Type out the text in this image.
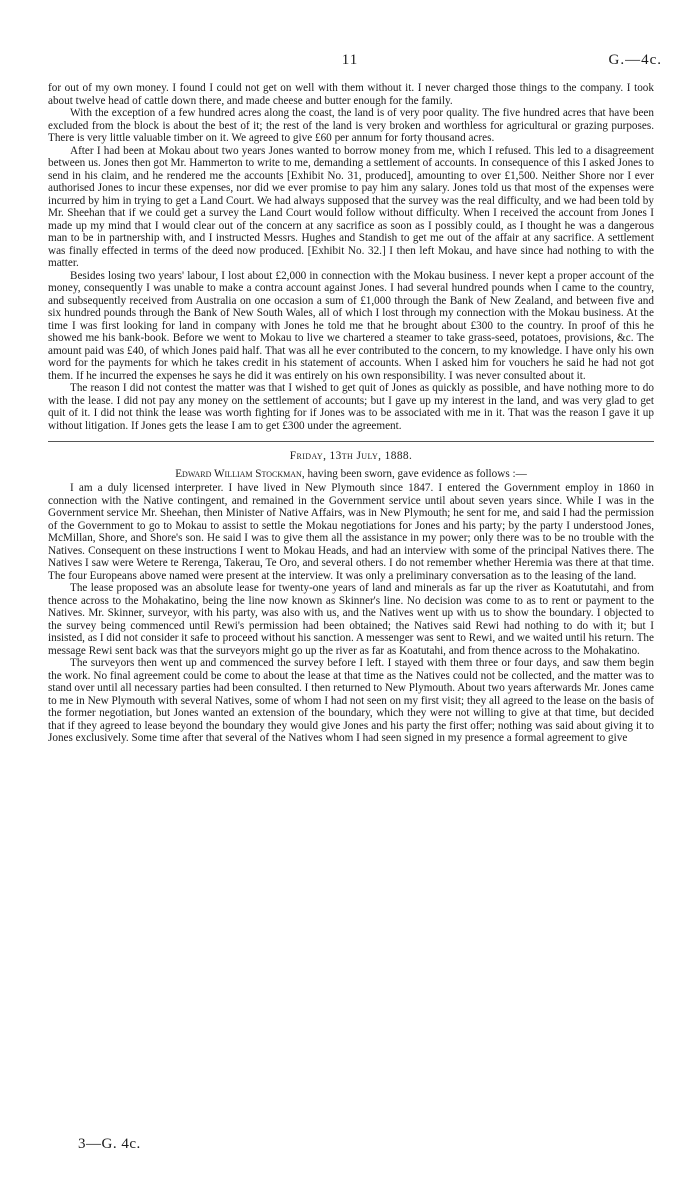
11	G.—4c.

for out of my own money. I found I could not get on well with them without it. I never charged those things to the company. I took about twelve head of cattle down there, and made cheese and butter enough for the family.

With the exception of a few hundred acres along the coast, the land is of very poor quality. The five hundred acres that have been excluded from the block is about the best of it; the rest of the land is very broken and worthless for agricultural or grazing purposes. There is very little valuable timber on it. We agreed to give £60 per annum for forty thousand acres.

After I had been at Mokau about two years Jones wanted to borrow money from me, which I refused. This led to a disagreement between us. Jones then got Mr. Hammerton to write to me, demanding a settlement of accounts. In consequence of this I asked Jones to send in his claim, and he rendered me the accounts [Exhibit No. 31, produced], amounting to over £1,500. Neither Shore nor I ever authorised Jones to incur these expenses, nor did we ever promise to pay him any salary. Jones told us that most of the expenses were incurred by him in trying to get a Land Court. We had always supposed that the survey was the real difficulty, and we had been told by Mr. Sheehan that if we could get a survey the Land Court would follow without difficulty. When I received the account from Jones I made up my mind that I would clear out of the concern at any sacrifice as soon as I possibly could, as I thought he was a dangerous man to be in partnership with, and I instructed Messrs. Hughes and Standish to get me out of the affair at any sacrifice. A settlement was finally effected in terms of the deed now produced. [Exhibit No. 32.] I then left Mokau, and have since had nothing to with the matter.

Besides losing two years' labour, I lost about £2,000 in connection with the Mokau business. I never kept a proper account of the money, consequently I was unable to make a contra account against Jones. I had several hundred pounds when I came to the country, and subsequently received from Australia on one occasion a sum of £1,000 through the Bank of New Zealand, and between five and six hundred pounds through the Bank of New South Wales, all of which I lost through my connection with the Mokau business. At the time I was first looking for land in company with Jones he told me that he brought about £300 to the country. In proof of this he showed me his bank-book. Before we went to Mokau to live we chartered a steamer to take grass-seed, potatoes, provisions, &c. The amount paid was £40, of which Jones paid half. That was all he ever contributed to the concern, to my knowledge. I have only his own word for the payments for which he takes credit in his statement of accounts. When I asked him for vouchers he said he had not got them. If he incurred the expenses he says he did it was entirely on his own responsibility. I was never consulted about it.

The reason I did not contest the matter was that I wished to get quit of Jones as quickly as possible, and have nothing more to do with the lease. I did not pay any money on the settlement of accounts; but I gave up my interest in the land, and was very glad to get quit of it. I did not think the lease was worth fighting for if Jones was to be associated with me in it. That was the reason I gave it up without litigation. If Jones gets the lease I am to get £300 under the agreement.

Friday, 13th July, 1888.

Edward William Stockman, having been sworn, gave evidence as follows :—

I am a duly licensed interpreter. I have lived in New Plymouth since 1847. I entered the Government employ in 1860 in connection with the Native contingent, and remained in the Government service until about seven years since. While I was in the Government service Mr. Sheehan, then Minister of Native Affairs, was in New Plymouth; he sent for me, and said I had the permission of the Government to go to Mokau to assist to settle the Mokau negotiations for Jones and his party; by the party I understood Jones, McMillan, Shore, and Shore's son. He said I was to give them all the assistance in my power; only there was to be no trouble with the Natives. Consequent on these instructions I went to Mokau Heads, and had an interview with some of the principal Natives there. The Natives I saw were Wetere te Rerenga, Takerau, Te Oro, and several others. I do not remember whether Heremia was there at that time. The four Europeans above named were present at the interview. It was only a preliminary conversation as to the leasing of the land.

The lease proposed was an absolute lease for twenty-one years of land and minerals as far up the river as Koatututahi, and from thence across to the Mohakatino, being the line now known as Skinner's line. No decision was come to as to rent or payment to the Natives. Mr. Skinner, surveyor, with his party, was also with us, and the Natives went up with us to show the boundary. I objected to the survey being commenced until Rewi's permission had been obtained; the Natives said Rewi had nothing to do with it; but I insisted, as I did not consider it safe to proceed without his sanction. A messenger was sent to Rewi, and we waited until his return. The message Rewi sent back was that the surveyors might go up the river as far as Koatutahi, and from thence across to the Mohakatino.

The surveyors then went up and commenced the survey before I left. I stayed with them three or four days, and saw them begin the work. No final agreement could be come to about the lease at that time as the Natives could not be collected, and the matter was to stand over until all necessary parties had been consulted. I then returned to New Plymouth. About two years afterwards Mr. Jones came to me in New Plymouth with several Natives, some of whom I had not seen on my first visit; they all agreed to the lease on the basis of the former negotiation, but Jones wanted an extension of the boundary, which they were not willing to give at that time, but decided that if they agreed to lease beyond the boundary they would give Jones and his party the first offer; nothing was said about giving it to Jones exclusively. Some time after that several of the Natives whom I had seen signed in my presence a formal agreement to give

3—G. 4c.
